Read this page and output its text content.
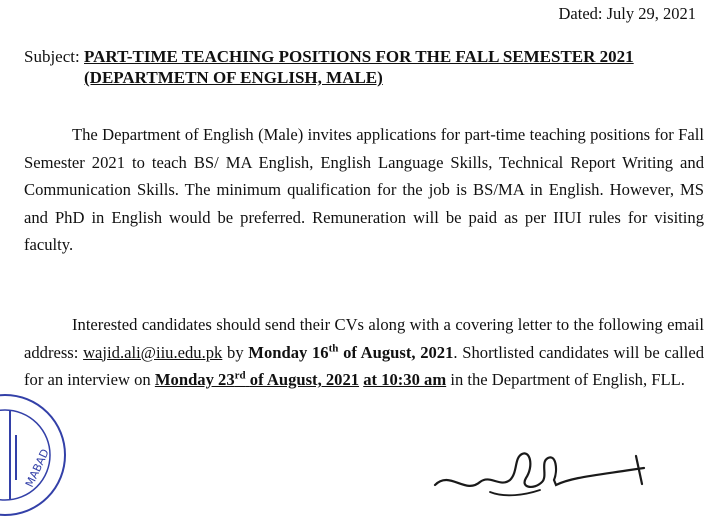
Dated: July 29, 2021
Subject: PART-TIME TEACHING POSITIONS FOR THE FALL SEMESTER 2021 (DEPARTMETN OF ENGLISH, MALE)
The Department of English (Male) invites applications for part-time teaching positions for Fall Semester 2021 to teach BS/ MA English, English Language Skills, Technical Report Writing and Communication Skills. The minimum qualification for the job is BS/MA in English. However, MS and PhD in English would be preferred. Remuneration will be paid as per IIUI rules for visiting faculty.
Interested candidates should send their CVs along with a covering letter to the following email address: wajid.ali@iiu.edu.pk by Monday 16th of August, 2021. Shortlisted candidates will be called for an interview on Monday 23rd of August, 2021 at 10:30 am in the Department of English, FLL.
MABAD
